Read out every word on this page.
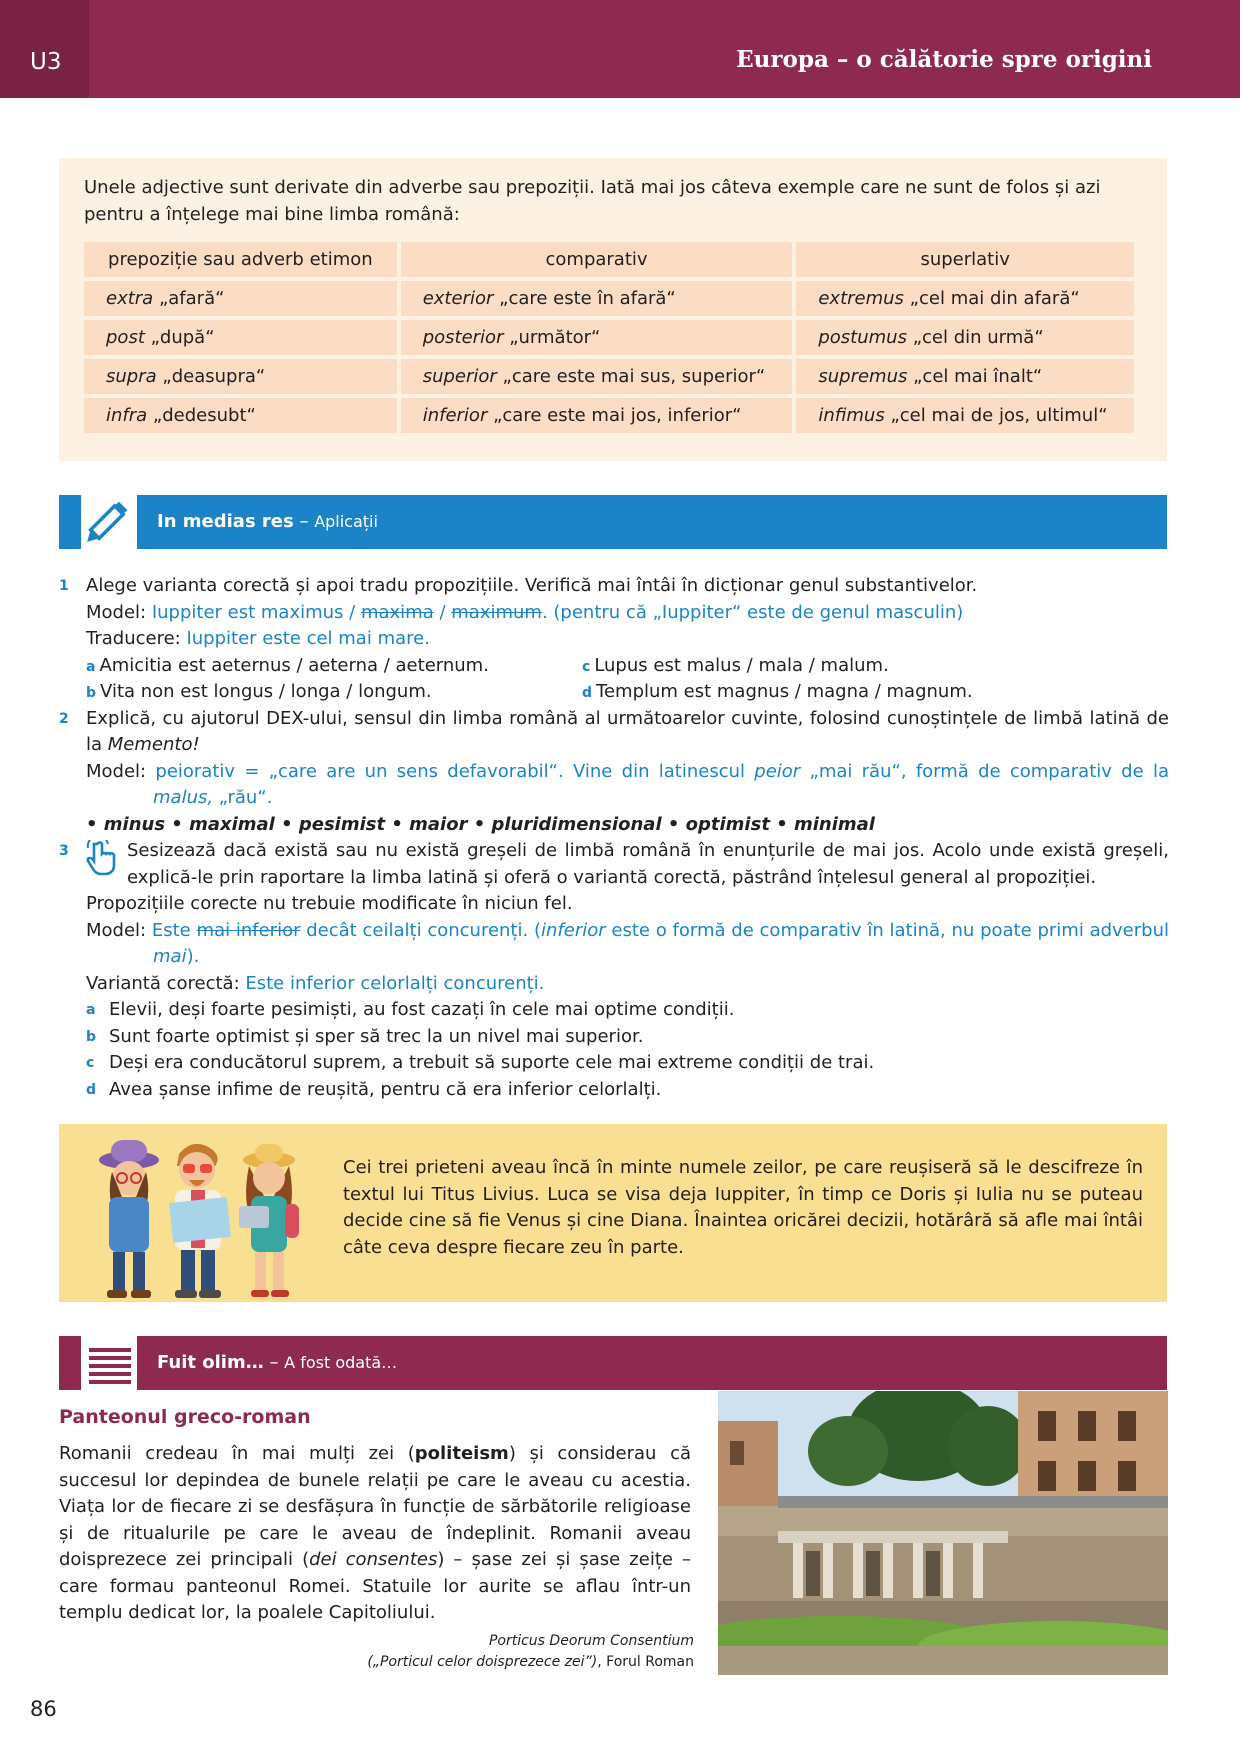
U3	Europa – o călătorie spre origini
Unele adjective sunt derivate din adverbe sau prepoziții. Iată mai jos câteva exemple care ne sunt de folos și azi pentru a înțelege mai bine limba română:
prepoziție sau adverb etimon	comparativ	superlativ
extra „afară“	exterior „care este în afară“	extremus „cel mai din afară“
post „după“	posterior „următor“	postumus „cel din urmă“
supra „deasupra“	superior „care este mai sus, superior“	supremus „cel mai înalt“
infra „dedesubt“	inferior „care este mai jos, inferior“	infimus „cel mai de jos, ultimul“
In medias res – Aplicații

1 Alege varianta corectă și apoi tradu propozițiile. Verifică mai întâi în dicționar genul substantivelor.

Model: Iuppiter est maximus / maxima / maximum. (pentru că „Iuppiter“ este de genul masculin)

Traducere: Iuppiter este cel mai mare.

a Amicitia est aeternus / aeterna / aeternum.	c Lupus est malus / mala / malum.
b Vita non est longus / longa / longum.	d Templum est magnus / magna / magnum.

2 Explică, cu ajutorul DEX-ului, sensul din limba română al următoarelor cuvinte, folosind cunoștințele de limbă latină de la Memento!

Model: peiorativ = „care are un sens defavorabil“. Vine din latinescul peior „mai rău“, formă de comparativ de la malus, „rău“.

• minus • maximal • pesimist • maior • pluridimensional • optimist • minimal

3	Sesizează dacă există sau nu există greșeli de limbă română în enunțurile de mai jos. Acolo unde există greșeli, explică-le prin raportare la limba latină și oferă o variantă corectă, păstrând înțelesul general al propoziției.

Propozițiile corecte nu trebuie modificate în niciun fel.

Model: Este mai inferior decât ceilalți concurenți. (inferior este o formă de comparativ în latină, nu poate primi adverbul mai).

Variantă corectă: Este inferior celorlalți concurenți.

a Elevii, deși foarte pesimiști, au fost cazați în cele mai optime condiții.
b Sunt foarte optimist și sper să trec la un nivel mai superior.
c Deși era conducătorul suprem, a trebuit să suporte cele mai extreme condiții de trai.
d Avea șanse infime de reușită, pentru că era inferior celorlalți.
Cei trei prieteni aveau încă în minte numele zeilor, pe care reușiseră să le descifreze în textul lui Titus Livius. Luca se visa deja Iuppiter, în timp ce Doris și Iulia nu se puteau decide cine să fie Venus și cine Diana. Înaintea oricărei decizii, hotărâră să afle mai întâi câte ceva despre fiecare zeu în parte.
Fuit olim… – A fost odată…
Panteonul greco-roman
Romanii credeau în mai mulți zei (politeism) și considerau că succesul lor depindea de bunele relații pe care le aveau cu acestia. Viața lor de fiecare zi se desfășura în funcție de sărbătorile religioase și de ritualurile pe care le aveau de îndeplinit. Romanii aveau doisprezece zei principali (dei consentes) – șase zei și șase zeițe – care formau panteonul Romei. Statuile lor aurite se aflau într-un templu dedicat lor, la poalele Capitoliului.
Porticus Deorum Consentium
(„Porticul celor doisprezece zei”), Forul Roman
86
